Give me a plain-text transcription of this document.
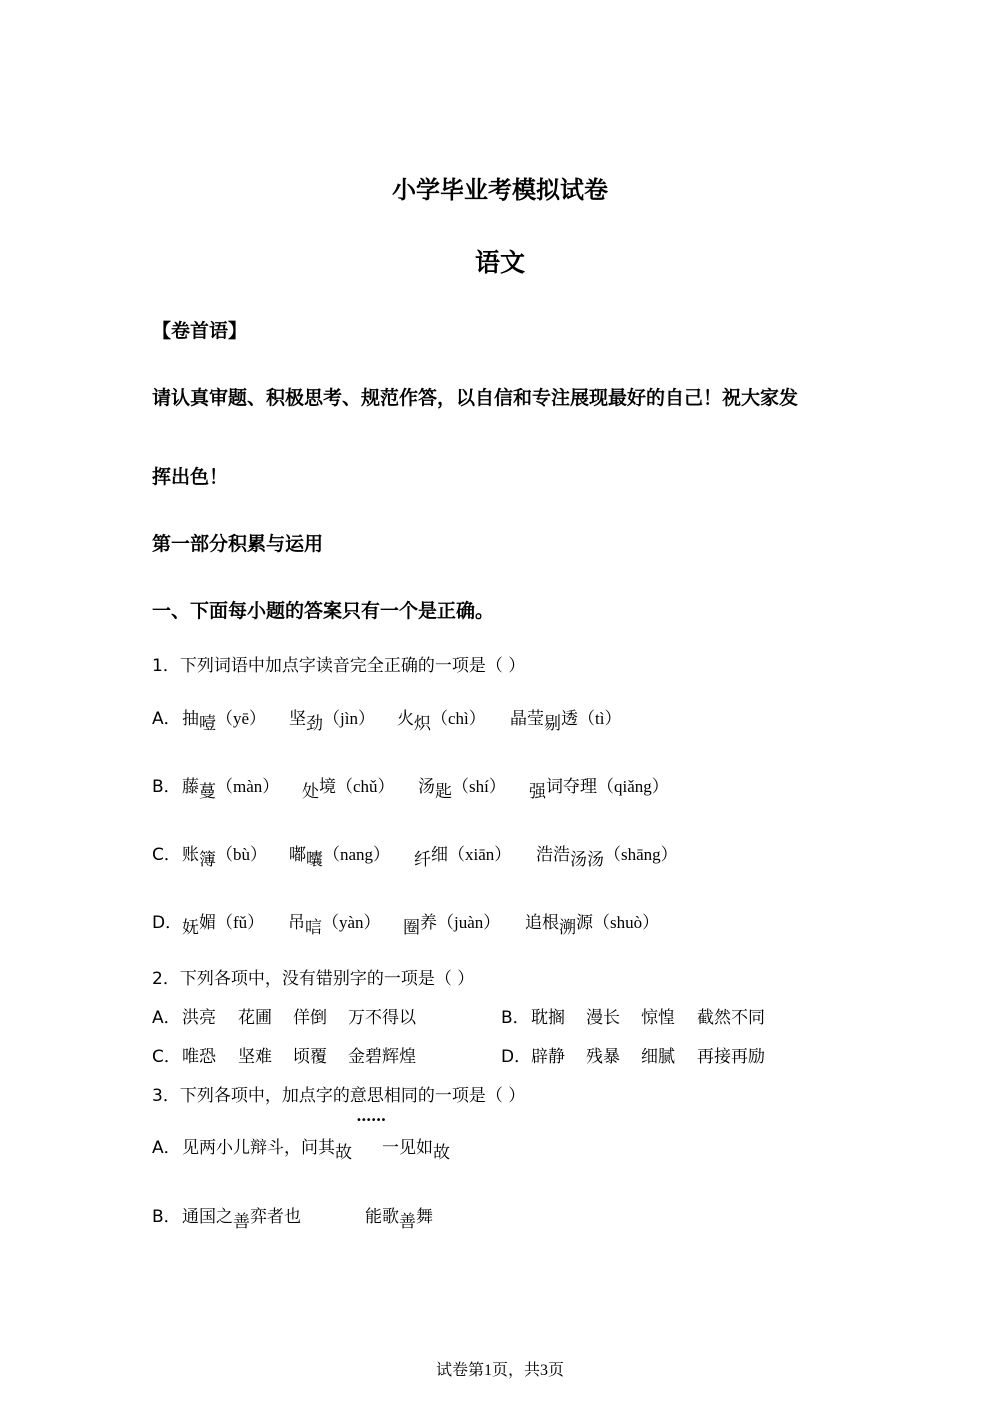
小学毕业考模拟试卷
语文
【卷首语】
请认真审题、积极思考、规范作答，以自信和专注展现最好的自己！祝大家发
挥出色！
第一部分积累与运用
一、下面每小题的答案只有一个是正确。
1．下列词语中加点字读音完全正确的一项是（ ）
A． 抽噎（yē） 坚劲（jìn） 火炽（chì） 晶莹剔透（tì）
B． 藤蔓（màn） 处境（chǔ） 汤匙（shí） 强词夺理（qiǎng）
C． 账簿（bù） 嘟囔（nang） 纤细（xiān） 浩浩汤汤（shāng）
D． 妩媚（fǔ） 吊唁（yàn） 圈养（juàn） 追根溯源（shuò）
2．下列各项中，没有错别字的一项是（ ）
A． 洪亮 花圃 佯倒 万不得以	B． 耽搁 漫长 惊惶 截然不同
C． 唯恐 坚难 顷覆 金碧辉煌	D． 辟静 残暴 细腻 再接再励
3．下列各项中，加点字的意思相同的一项是（ ）
A． 见两小儿辩斗，问其故
••••••
一见如故
B． 通国之善弈者也	能歌善舞
试卷第1页，共3页
